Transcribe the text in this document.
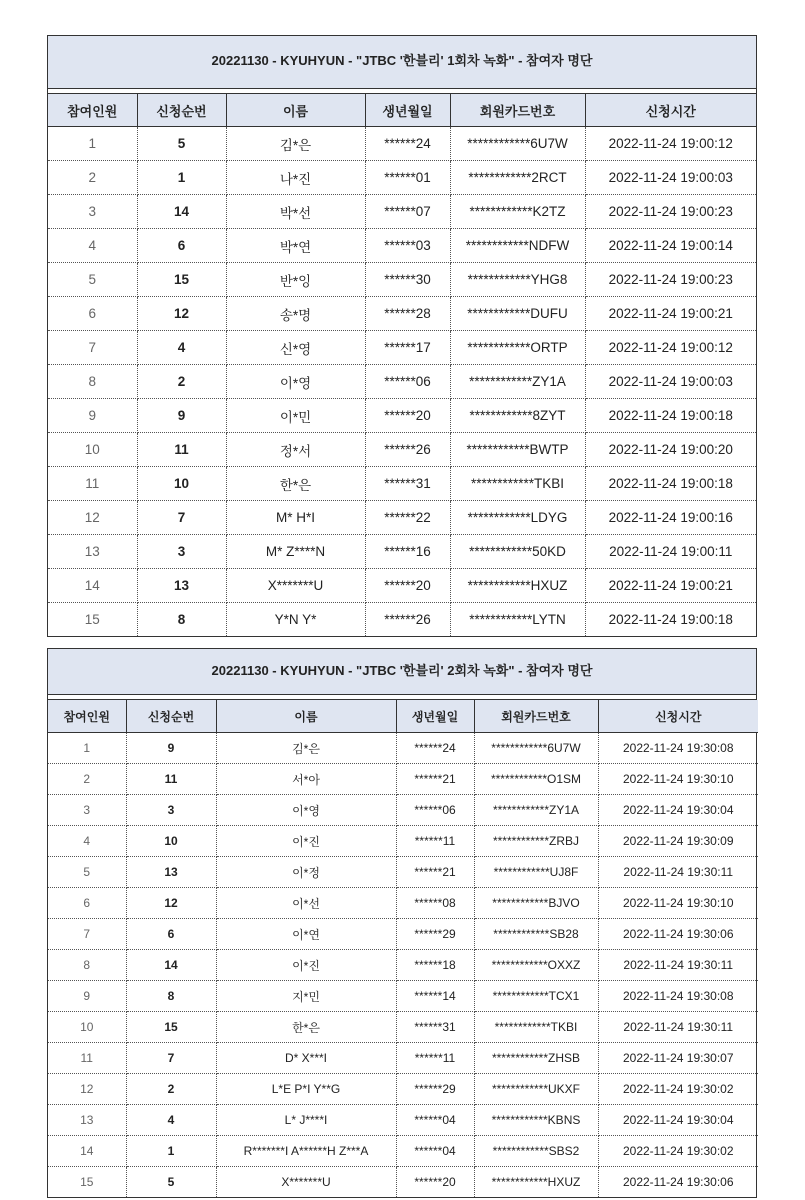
20221130 - KYUHYUN - "JTBC '한블리' 1회차 녹화" - 참여자 명단
참여인원	신청순번	이름	생년월일	회원카드번호	신청시간
1	5	김*은	******24	************6U7W	2022-11-24 19:00:12
2	1	나*진	******01	************2RCT	2022-11-24 19:00:03
3	14	박*선	******07	************K2TZ	2022-11-24 19:00:23
4	6	박*연	******03	************NDFW	2022-11-24 19:00:14
5	15	반*잉	******30	************YHG8	2022-11-24 19:00:23
6	12	송*명	******28	************DUFU	2022-11-24 19:00:21
7	4	신*영	******17	************ORTP	2022-11-24 19:00:12
8	2	이*영	******06	************ZY1A	2022-11-24 19:00:03
9	9	이*민	******20	************8ZYT	2022-11-24 19:00:18
10	11	정*서	******26	************BWTP	2022-11-24 19:00:20
11	10	한*은	******31	************TKBI	2022-11-24 19:00:18
12	7	M* H*I	******22	************LDYG	2022-11-24 19:00:16
13	3	M* Z****N	******16	************50KD	2022-11-24 19:00:11
14	13	X*******U	******20	************HXUZ	2022-11-24 19:00:21
15	8	Y*N Y*	******26	************LYTN	2022-11-24 19:00:18
20221130 - KYUHYUN - "JTBC '한블리' 2회차 녹화" - 참여자 명단
참여인원	신청순번	이름	생년월일	회원카드번호	신청시간
1	9	김*은	******24	************6U7W	2022-11-24 19:30:08
2	11	서*아	******21	************O1SM	2022-11-24 19:30:10
3	3	이*영	******06	************ZY1A	2022-11-24 19:30:04
4	10	이*진	******11	************ZRBJ	2022-11-24 19:30:09
5	13	이*정	******21	************UJ8F	2022-11-24 19:30:11
6	12	이*선	******08	************BJVO	2022-11-24 19:30:10
7	6	이*연	******29	************SB28	2022-11-24 19:30:06
8	14	이*진	******18	************OXXZ	2022-11-24 19:30:11
9	8	지*민	******14	************TCX1	2022-11-24 19:30:08
10	15	한*은	******31	************TKBI	2022-11-24 19:30:11
11	7	D* X***I	******11	************ZHSB	2022-11-24 19:30:07
12	2	L*E P*I Y**G	******29	************UKXF	2022-11-24 19:30:02
13	4	L* J****I	******04	************KBNS	2022-11-24 19:30:04
14	1	R*******I A******H Z***A	******04	************SBS2	2022-11-24 19:30:02
15	5	X*******U	******20	************HXUZ	2022-11-24 19:30:06
